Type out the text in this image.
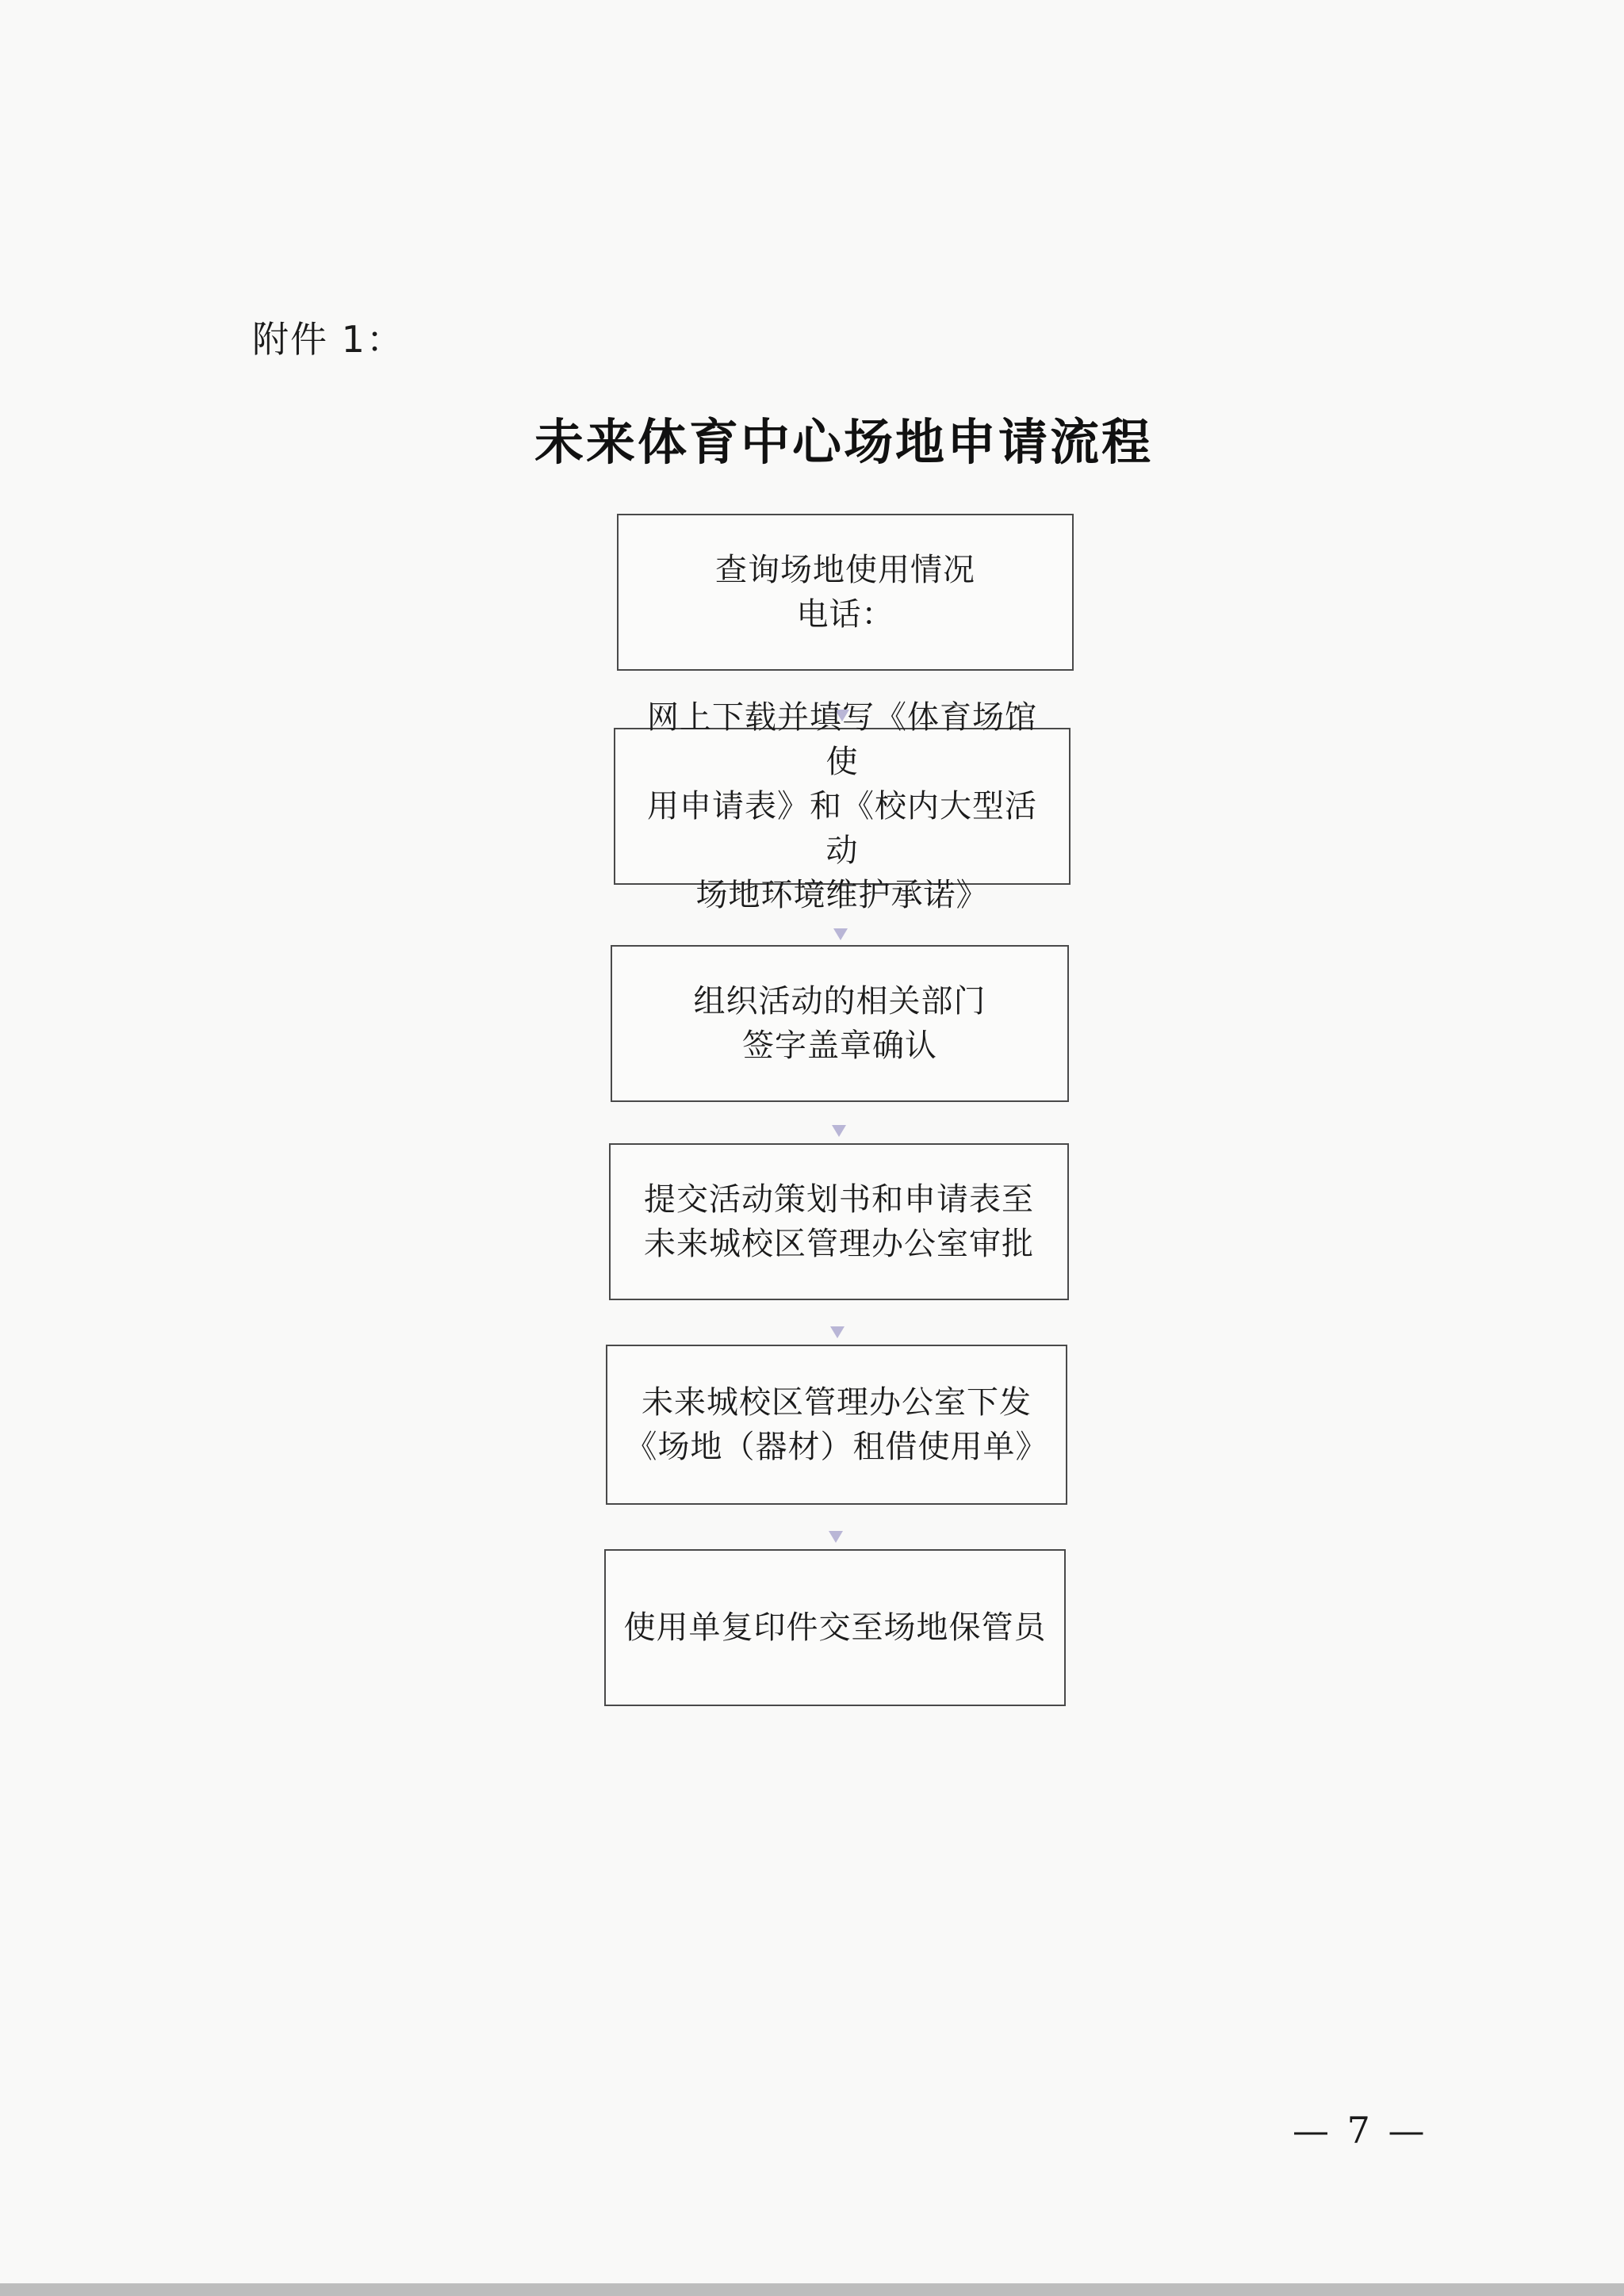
附件 1：
未来体育中心场地申请流程
查询场地使用情况
电话：
网上下载并填写《体育场馆使
用申请表》和《校内大型活动
场地环境维护承诺》
组织活动的相关部门
签字盖章确认
提交活动策划书和申请表至
未来城校区管理办公室审批
未来城校区管理办公室下发
《场地（器材）租借使用单》
使用单复印件交至场地保管员
— 7 —
